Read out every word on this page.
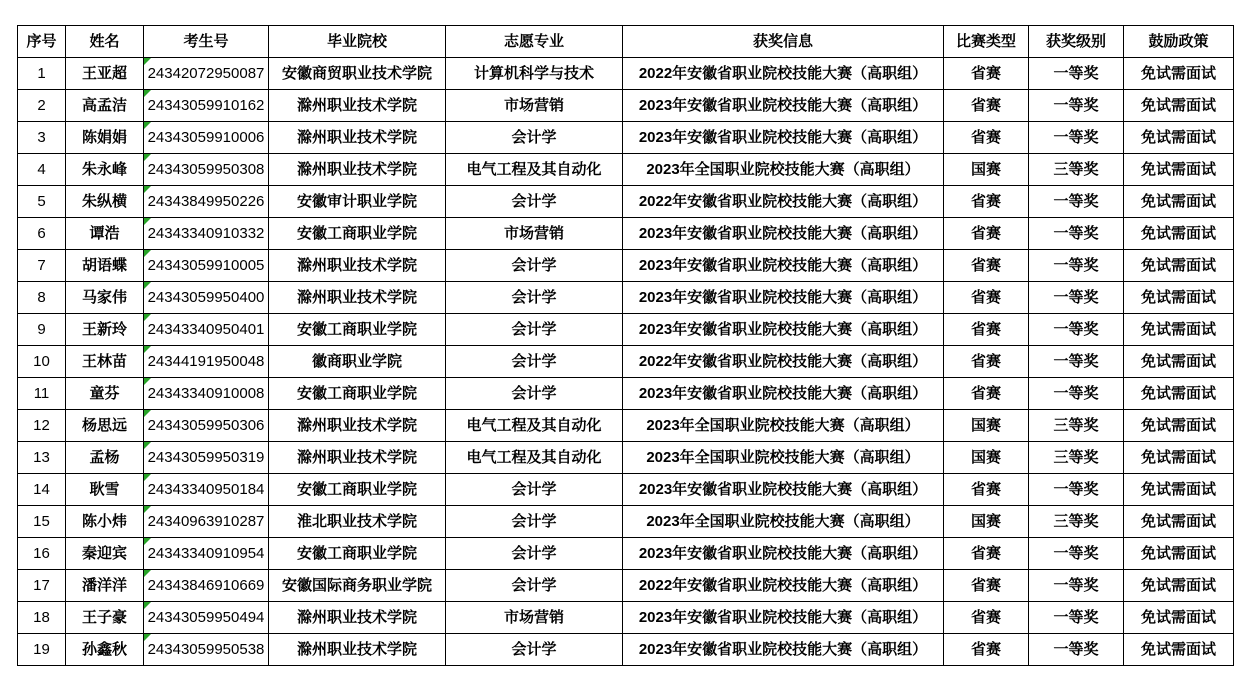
序号	姓名	考生号	毕业院校	志愿专业	获奖信息	比赛类型	获奖级别	鼓励政策
1	王亚超	24342072950087	安徽商贸职业技术学院	计算机科学与技术	2022年安徽省职业院校技能大赛（高职组）	省赛	一等奖	免试需面试
2	高孟洁	24343059910162	滁州职业技术学院	市场营销	2023年安徽省职业院校技能大赛（高职组）	省赛	一等奖	免试需面试
3	陈娟娟	24343059910006	滁州职业技术学院	会计学	2023年安徽省职业院校技能大赛（高职组）	省赛	一等奖	免试需面试
4	朱永峰	24343059950308	滁州职业技术学院	电气工程及其自动化	2023年全国职业院校技能大赛（高职组）	国赛	三等奖	免试需面试
5	朱纵横	24343849950226	安徽审计职业学院	会计学	2022年安徽省职业院校技能大赛（高职组）	省赛	一等奖	免试需面试
6	谭浩	24343340910332	安徽工商职业学院	市场营销	2023年安徽省职业院校技能大赛（高职组）	省赛	一等奖	免试需面试
7	胡语蝶	24343059910005	滁州职业技术学院	会计学	2023年安徽省职业院校技能大赛（高职组）	省赛	一等奖	免试需面试
8	马家伟	24343059950400	滁州职业技术学院	会计学	2023年安徽省职业院校技能大赛（高职组）	省赛	一等奖	免试需面试
9	王新玲	24343340950401	安徽工商职业学院	会计学	2023年安徽省职业院校技能大赛（高职组）	省赛	一等奖	免试需面试
10	王林苗	24344191950048	徽商职业学院	会计学	2022年安徽省职业院校技能大赛（高职组）	省赛	一等奖	免试需面试
11	童芬	24343340910008	安徽工商职业学院	会计学	2023年安徽省职业院校技能大赛（高职组）	省赛	一等奖	免试需面试
12	杨思远	24343059950306	滁州职业技术学院	电气工程及其自动化	2023年全国职业院校技能大赛（高职组）	国赛	三等奖	免试需面试
13	孟杨	24343059950319	滁州职业技术学院	电气工程及其自动化	2023年全国职业院校技能大赛（高职组）	国赛	三等奖	免试需面试
14	耿雪	24343340950184	安徽工商职业学院	会计学	2023年安徽省职业院校技能大赛（高职组）	省赛	一等奖	免试需面试
15	陈小炜	24340963910287	淮北职业技术学院	会计学	2023年全国职业院校技能大赛（高职组）	国赛	三等奖	免试需面试
16	秦迎宾	24343340910954	安徽工商职业学院	会计学	2023年安徽省职业院校技能大赛（高职组）	省赛	一等奖	免试需面试
17	潘洋洋	24343846910669	安徽国际商务职业学院	会计学	2022年安徽省职业院校技能大赛（高职组）	省赛	一等奖	免试需面试
18	王子豪	24343059950494	滁州职业技术学院	市场营销	2023年安徽省职业院校技能大赛（高职组）	省赛	一等奖	免试需面试
19	孙鑫秋	24343059950538	滁州职业技术学院	会计学	2023年安徽省职业院校技能大赛（高职组）	省赛	一等奖	免试需面试
